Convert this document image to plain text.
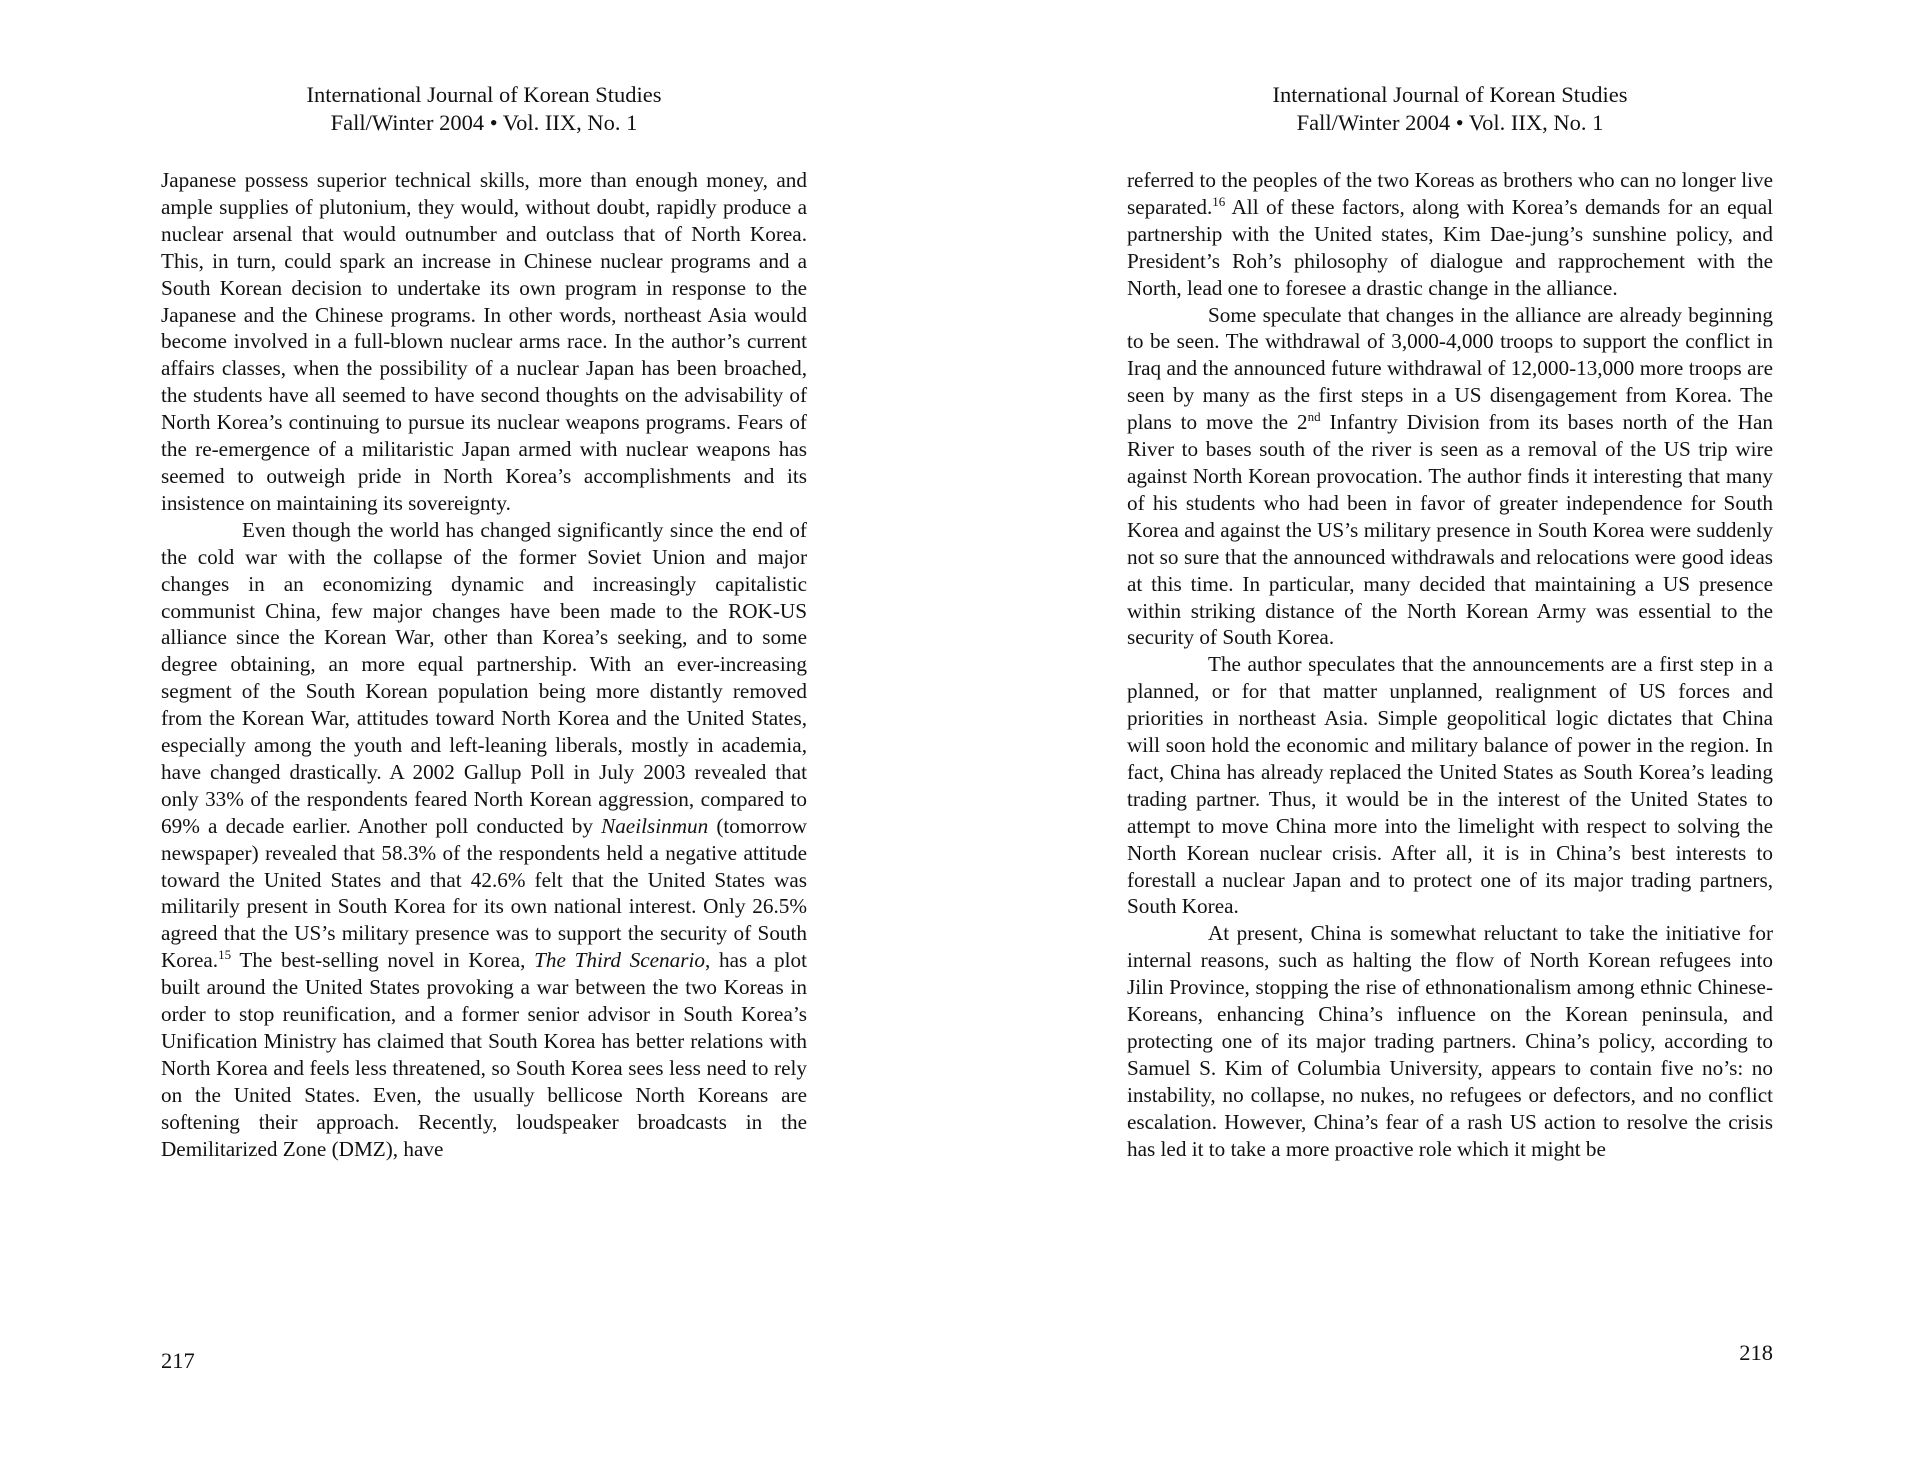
International Journal of Korean Studies
Fall/Winter 2004 • Vol. IIX, No. 1

Japanese possess superior technical skills, more than enough money, and ample supplies of plutonium, they would, without doubt, rapidly produce a nuclear arsenal that would outnumber and outclass that of North Korea. This, in turn, could spark an increase in Chinese nuclear programs and a South Korean decision to undertake its own program in response to the Japanese and the Chinese programs. In other words, northeast Asia would become involved in a full-blown nuclear arms race. In the author’s current affairs classes, when the possibility of a nuclear Japan has been broached, the students have all seemed to have second thoughts on the advisability of North Korea’s continuing to pursue its nuclear weapons programs. Fears of the re-emergence of a militaristic Japan armed with nuclear weapons has seemed to outweigh pride in North Korea’s accomplishments and its insistence on maintaining its sovereignty.

Even though the world has changed significantly since the end of the cold war with the collapse of the former Soviet Union and major changes in an economizing dynamic and increasingly capitalistic communist China, few major changes have been made to the ROK-US alliance since the Korean War, other than Korea’s seeking, and to some degree obtaining, an more equal partnership. With an ever-increasing segment of the South Korean population being more distantly removed from the Korean War, attitudes toward North Korea and the United States, especially among the youth and left-leaning liberals, mostly in academia, have changed drastically. A 2002 Gallup Poll in July 2003 revealed that only 33% of the respondents feared North Korean aggression, compared to 69% a decade earlier. Another poll conducted by Naeilsinmun (tomorrow newspaper) revealed that 58.3% of the respondents held a negative attitude toward the United States and that 42.6% felt that the United States was militarily present in South Korea for its own national interest. Only 26.5% agreed that the US’s military presence was to support the security of South Korea.$^{15}$ The best-selling novel in Korea, The Third Scenario, has a plot built around the United States provoking a war between the two Koreas in order to stop reunification, and a former senior advisor in South Korea’s Unification Ministry has claimed that South Korea has better relations with North Korea and feels less threatened, so South Korea sees less need to rely on the United States. Even, the usually bellicose North Koreans are softening their approach. Recently, loudspeaker broadcasts in the Demilitarized Zone (DMZ), have

217
International Journal of Korean Studies
Fall/Winter 2004 • Vol. IIX, No. 1

referred to the peoples of the two Koreas as brothers who can no longer live separated.$^{16}$ All of these factors, along with Korea’s demands for an equal partnership with the United states, Kim Dae-jung’s sunshine policy, and President’s Roh’s philosophy of dialogue and rapprochement with the North, lead one to foresee a drastic change in the alliance.

Some speculate that changes in the alliance are already beginning to be seen. The withdrawal of 3,000-4,000 troops to support the conflict in Iraq and the announced future withdrawal of 12,000-13,000 more troops are seen by many as the first steps in a US disengagement from Korea. The plans to move the 2nd Infantry Division from its bases north of the Han River to bases south of the river is seen as a removal of the US trip wire against North Korean provocation. The author finds it interesting that many of his students who had been in favor of greater independence for South Korea and against the US’s military presence in South Korea were suddenly not so sure that the announced withdrawals and relocations were good ideas at this time. In particular, many decided that maintaining a US presence within striking distance of the North Korean Army was essential to the security of South Korea.

The author speculates that the announcements are a first step in a planned, or for that matter unplanned, realignment of US forces and priorities in northeast Asia. Simple geopolitical logic dictates that China will soon hold the economic and military balance of power in the region. In fact, China has already replaced the United States as South Korea’s leading trading partner. Thus, it would be in the interest of the United States to attempt to move China more into the limelight with respect to solving the North Korean nuclear crisis. After all, it is in China’s best interests to forestall a nuclear Japan and to protect one of its major trading partners, South Korea.

At present, China is somewhat reluctant to take the initiative for internal reasons, such as halting the flow of North Korean refugees into Jilin Province, stopping the rise of ethnonationalism among ethnic Chinese-Koreans, enhancing China’s influence on the Korean peninsula, and protecting one of its major trading partners. China’s policy, according to Samuel S. Kim of Columbia University, appears to contain five no’s: no instability, no collapse, no nukes, no refugees or defectors, and no conflict escalation. However, China’s fear of a rash US action to resolve the crisis has led it to take a more proactive role which it might be

218
